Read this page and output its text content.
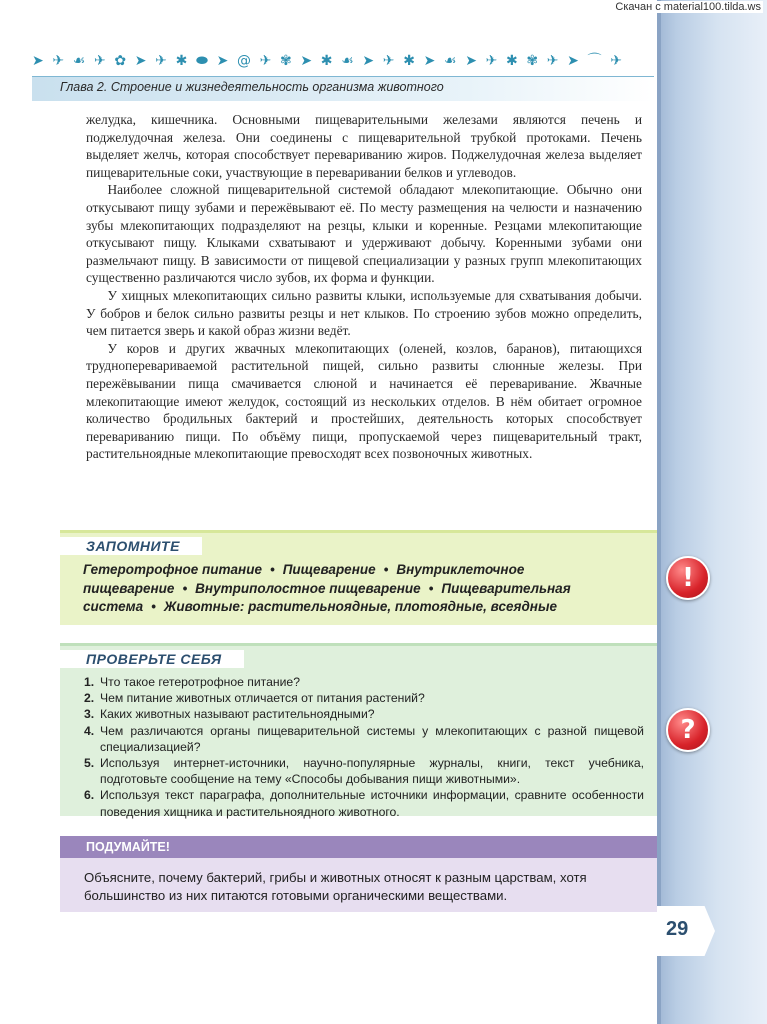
Скачан с material100.tilda.ws
➤ ✈ ☙ ✈ ✿ ➤ ✈ ✱ ⬬ ➤ @ ✈ ✾ ➤ ✱ ☙ ➤ ✈ ✱ ➤ ☙ ➤ ✈ ✱ ✾ ✈ ➤ ⌒ ✈
Глава 2. Строение и жизнедеятельность организма животного

желудка, кишечника. Основными пищеварительными железами являются печень и поджелудочная железа. Они соединены с пищеварительной трубкой протоками. Печень выделяет желчь, которая способствует перевариванию жиров. Поджелудочная железа выделяет пищеварительные соки, участвующие в переваривании белков и углеводов.

Наиболее сложной пищеварительной системой обладают млекопитающие. Обычно они откусывают пищу зубами и пережёвывают её. По месту размещения на челюсти и назначению зубы млекопитающих подразделяют на резцы, клыки и коренные. Резцами млекопитающие откусывают пищу. Клыками схватывают и удерживают добычу. Коренными зубами они размельчают пищу. В зависимости от пищевой специализации у разных групп млекопитающих существенно различаются число зубов, их форма и функции.

У хищных млекопитающих сильно развиты клыки, используемые для схватывания добычи. У бобров и белок сильно развиты резцы и нет клыков. По строению зубов можно определить, чем питается зверь и какой образ жизни ведёт.

У коров и других жвачных млекопитающих (оленей, козлов, баранов), питающихся трудноперевариваемой растительной пищей, сильно развиты слюнные железы. При пережёвывании пища смачивается слюной и начинается её переваривание. Жвачные млекопитающие имеют желудок, состоящий из нескольких отделов. В нём обитает огромное количество бродильных бактерий и простейших, деятельность которых способствует перевариванию пищи. По объёму пищи, пропускаемой через пищеварительный тракт, растительноядные млекопитающие превосходят всех позвоночных животных.

ЗАПОМНИТЕ
Гетеротрофное питание • Пищеварение • Внутриклеточное пищеварение • Внутриполостное пищеварение • Пищеварительная система • Животные: растительноядные, плотоядные, всеядные
!
ПРОВЕРЬТЕ СЕБЯ
1. Что такое гетеротрофное питание?
2. Чем питание животных отличается от питания растений?
3. Каких животных называют растительноядными?
4. Чем различаются органы пищеварительной системы у млекопитающих с разной пищевой специализацией?
5. Используя интернет-источники, научно-популярные журналы, книги, текст учебника, подготовьте сообщение на тему «Способы добывания пищи животными».
6. Используя текст параграфа, дополнительные источники информации, сравните особенности поведения хищника и растительноядного животного.
?
ПОДУМАЙТЕ!
Объясните, почему бактерий, грибы и животных относят к разным царствам, хотя большинство из них питаются готовыми органическими веществами.
29
